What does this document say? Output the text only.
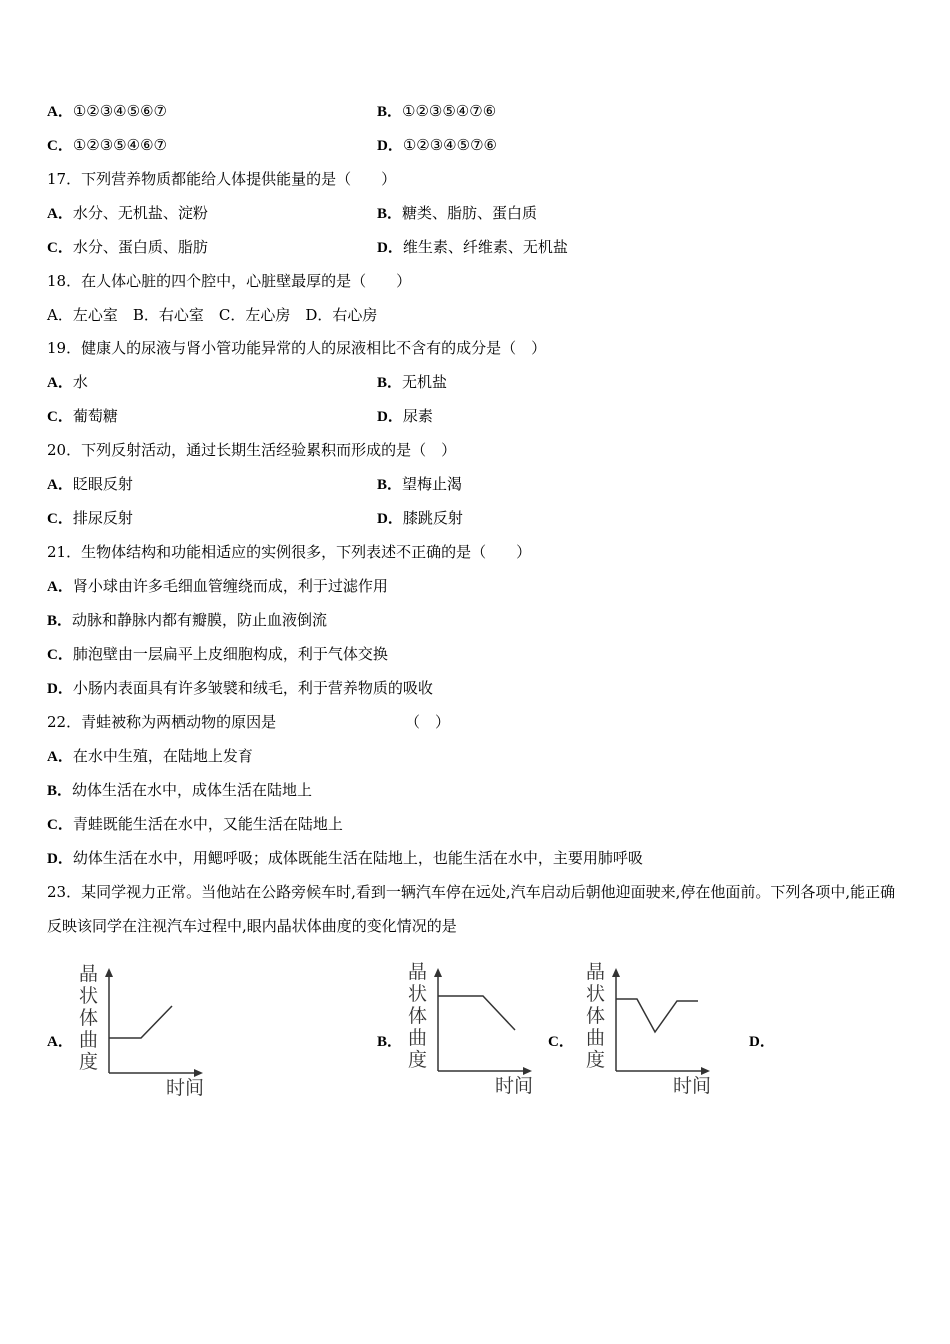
A．①②③④⑤⑥⑦	B．①②③⑤④⑦⑥
C．①②③⑤④⑥⑦	D．①②③④⑤⑦⑥
17．下列营养物质都能给人体提供能量的是（　　）
A．水分、无机盐、淀粉	B．糖类、脂肪、蛋白质
C．水分、蛋白质、脂肪	D．维生素、纤维素、无机盐
18．在人体心脏的四个腔中，心脏壁最厚的是（　　）
A．左心室　B．右心室　C．左心房　D．右心房
19．健康人的尿液与肾小管功能异常的人的尿液相比不含有的成分是（　）
A．水	B．无机盐
C．葡萄糖	D．尿素
20．下列反射活动，通过长期生活经验累积而形成的是（　）
A．眨眼反射	B．望梅止渴
C．排尿反射	D．膝跳反射
21．生物体结构和功能相适应的实例很多，下列表述不正确的是（　　）
A．肾小球由许多毛细血管缠绕而成，利于过滤作用
B．动脉和静脉内都有瓣膜，防止血液倒流
C．肺泡壁由一层扁平上皮细胞构成，利于气体交换
D．小肠内表面具有许多皱襞和绒毛，利于营养物质的吸收
22．青蛙被称为两栖动物的原因是	（　）
A．在水中生殖，在陆地上发育
B．幼体生活在水中，成体生活在陆地上
C．青蛙既能生活在水中，又能生活在陆地上
D．幼体生活在水中，用鳃呼吸；成体既能生活在陆地上，也能生活在水中，主要用肺呼吸
23．某同学视力正常。当他站在公路旁候车时,看到一辆汽车停在远处,汽车启动后朝他迎面驶来,停在他面前。下列各项中,能正确反映该同学在注视汽车过程中,眼内晶状体曲度的变化情况的是
A．	B．	C．	D．
晶
状
体
曲
度
时间
晶
状
体
曲
度
时间
晶
状
体
曲
度
时间
